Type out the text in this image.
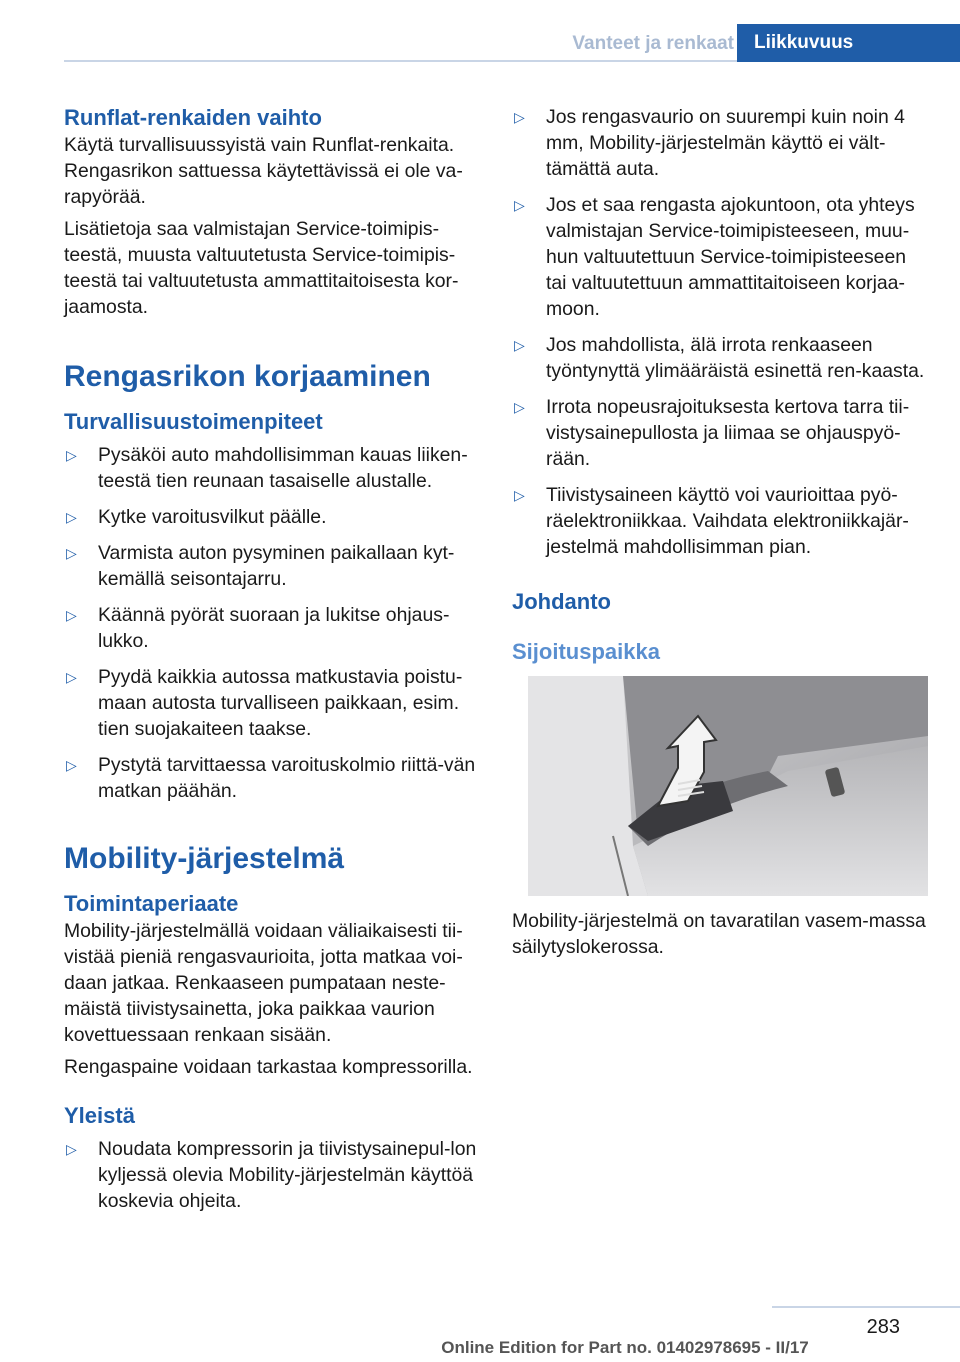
Vanteet ja renkaat	Liikkuvuus
Runflat-renkaiden vaihto

Käytä turvallisuussyistä vain Runflat-renkaita. Rengasrikon sattuessa käytettävissä ei ole va-rapyörää.

Lisätietoja saa valmistajan Service-toimipis-teestä, muusta valtuutetusta Service-toimipis-teestä tai valtuutetusta ammattitaitoisesta kor-jaamosta.

Rengasrikon korjaaminen
Turvallisuustoimenpiteet
▷ Pysäköi auto mahdollisimman kauas liiken-teestä tien reunaan tasaiselle alustalle.
▷ Kytke varoitusvilkut päälle.
▷ Varmista auton pysyminen paikallaan kyt-kemällä seisontajarru.
▷ Käännä pyörät suoraan ja lukitse ohjaus-lukko.
▷ Pyydä kaikkia autossa matkustavia poistu-maan autosta turvalliseen paikkaan, esim. tien suojakaiteen taakse.
▷ Pystytä tarvittaessa varoituskolmio riittä-vän matkan päähän.
Mobility-järjestelmä
Toimintaperiaate

Mobility-järjestelmällä voidaan väliaikaisesti tii-vistää pieniä rengasvaurioita, jotta matkaa voi-daan jatkaa. Renkaaseen pumpataan neste-mäistä tiivistysainetta, joka paikkaa vaurion kovettuessaan renkaan sisään.

Rengaspaine voidaan tarkastaa kompressorilla.

Yleistä
▷ Noudata kompressorin ja tiivistysainepul-lon kyljessä olevia Mobility-järjestelmän käyttöä koskevia ohjeita.
▷ Jos rengasvaurio on suurempi kuin noin 4 mm, Mobility-järjestelmän käyttö ei vält-tämättä auta.
▷ Jos et saa rengasta ajokuntoon, ota yhteys valmistajan Service-toimipisteeseen, muu-hun valtuutettuun Service-toimipisteeseen tai valtuutettuun ammattitaitoiseen korjaa-moon.
▷ Jos mahdollista, älä irrota renkaaseen työntynyttä ylimääräistä esinettä ren-kaasta.
▷ Irrota nopeusrajoituksesta kertova tarra tii-vistysainepullosta ja liimaa se ohjauspyö-rään.
▷ Tiivistysaineen käyttö voi vaurioittaa pyö-räelektroniikkaa. Vaihdata elektroniikkajär-jestelmä mahdollisimman pian.
Johdanto
Sijoituspaikka

Mobility-järjestelmä on tavaratilan vasem-massa säilytyslokerossa.

283
Online Edition for Part no. 01402978695 - II/17
